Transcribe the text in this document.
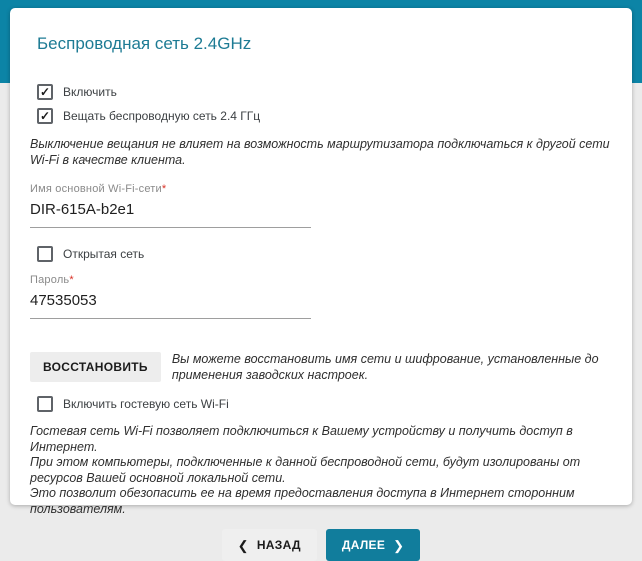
Беспроводная сеть 2.4GHz
✓ Включить
✓ Вещать беспроводную сеть 2.4 ГГц

Выключение вещания не влияет на возможность маршрутизатора подключаться к другой сети Wi-Fi в качестве клиента.

Имя основной Wi-Fi-сети*
DIR-615A-b2e1
Открытая сеть
Пароль*
47535053
ВОССТАНОВИТЬ

Вы можете восстановить имя сети и шифрование, установленные до применения заводских настроек.

Включить гостевую сеть Wi-Fi

Гостевая сеть Wi-Fi позволяет подключиться к Вашему устройству и получить доступ в Интернет.

При этом компьютеры, подключенные к данной беспроводной сети, будут изолированы от ресурсов Вашей основной локальной сети.

Это позволит обезопасить ее на время предоставления доступа в Интернет сторонним пользователям.

❮ НАЗАД	ДАЛЕЕ ❯
